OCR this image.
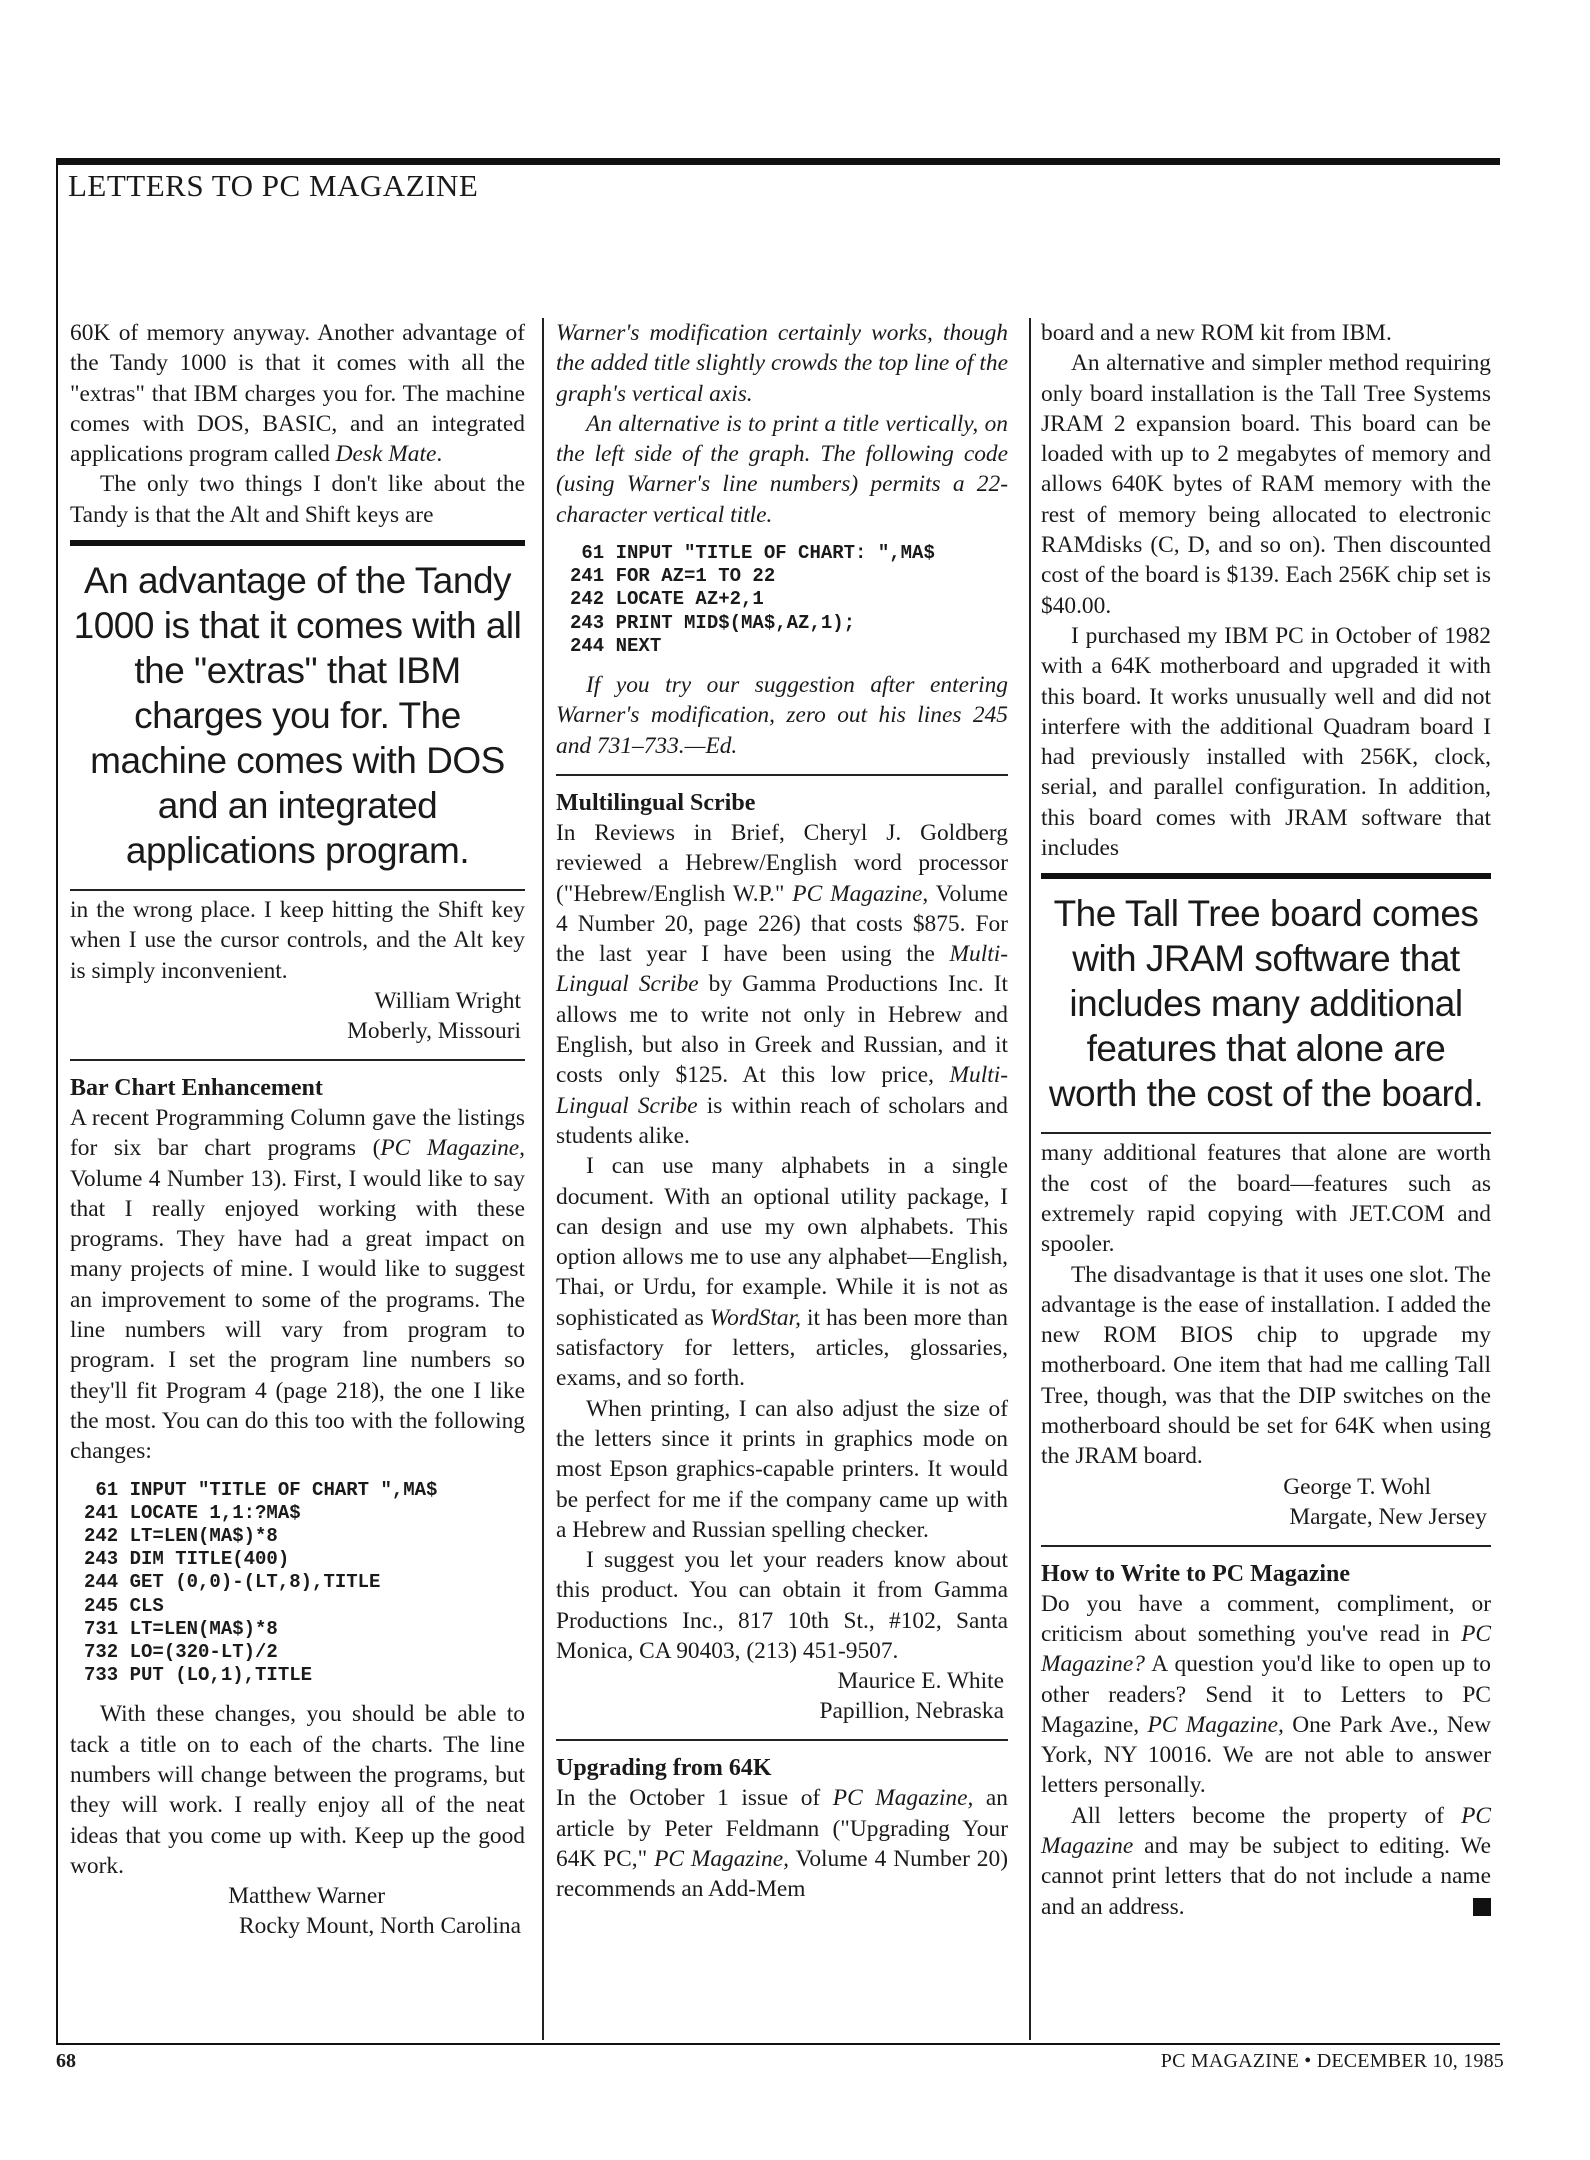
LETTERS TO PC MAGAZINE

60K of memory anyway. Another advantage of the Tandy 1000 is that it comes with all the "extras" that IBM charges you for. The machine comes with DOS, BASIC, and an integrated applications program called Desk Mate.

The only two things I don't like about the Tandy is that the Alt and Shift keys are

An advantage of the Tandy 1000 is that it comes with all the "extras" that IBM charges you for. The machine comes with DOS and an integrated applications program.

in the wrong place. I keep hitting the Shift key when I use the cursor controls, and the Alt key is simply inconvenient.

William Wright

Moberly, Missouri

Bar Chart Enhancement

A recent Programming Column gave the listings for six bar chart programs (PC Magazine, Volume 4 Number 13). First, I would like to say that I really enjoyed working with these programs. They have had a great impact on many projects of mine. I would like to suggest an improvement to some of the programs. The line numbers will vary from program to program. I set the program line numbers so they'll fit Program 4 (page 218), the one I like the most. You can do this too with the following changes:

61 INPUT "TITLE OF CHART ",MA$
241 LOCATE 1,1:?MA$
242 LT=LEN(MA$)*8
243 DIM TITLE(400)
244 GET (0,0)-(LT,8),TITLE
245 CLS
731 LT=LEN(MA$)*8
732 LO=(320-LT)/2
733 PUT (LO,1),TITLE

With these changes, you should be able to tack a title on to each of the charts. The line numbers will change between the programs, but they will work. I really enjoy all of the neat ideas that you come up with. Keep up the good work.

Matthew Warner

Rocky Mount, North Carolina

Warner's modification certainly works, though the added title slightly crowds the top line of the graph's vertical axis.

An alternative is to print a title vertically, on the left side of the graph. The following code (using Warner's line numbers) permits a 22-character vertical title.

61 INPUT "TITLE OF CHART: ",MA$
241 FOR AZ=1 TO 22
242 LOCATE AZ+2,1
243 PRINT MID$(MA$,AZ,1);
244 NEXT

If you try our suggestion after entering Warner's modification, zero out his lines 245 and 731–733.—Ed.

Multilingual Scribe

In Reviews in Brief, Cheryl J. Goldberg reviewed a Hebrew/English word processor ("Hebrew/English W.P." PC Magazine, Volume 4 Number 20, page 226) that costs $875. For the last year I have been using the Multi-Lingual Scribe by Gamma Productions Inc. It allows me to write not only in Hebrew and English, but also in Greek and Russian, and it costs only $125. At this low price, Multi-Lingual Scribe is within reach of scholars and students alike.

I can use many alphabets in a single document. With an optional utility package, I can design and use my own alphabets. This option allows me to use any alphabet—English, Thai, or Urdu, for example. While it is not as sophisticated as WordStar, it has been more than satisfactory for letters, articles, glossaries, exams, and so forth.

When printing, I can also adjust the size of the letters since it prints in graphics mode on most Epson graphics-capable printers. It would be perfect for me if the company came up with a Hebrew and Russian spelling checker.

I suggest you let your readers know about this product. You can obtain it from Gamma Productions Inc., 817 10th St., #102, Santa Monica, CA 90403, (213) 451-9507.

Maurice E. White

Papillion, Nebraska

Upgrading from 64K

In the October 1 issue of PC Magazine, an article by Peter Feldmann ("Upgrading Your 64K PC," PC Magazine, Volume 4 Number 20) recommends an Add-Mem

board and a new ROM kit from IBM.

An alternative and simpler method requiring only board installation is the Tall Tree Systems JRAM 2 expansion board. This board can be loaded with up to 2 megabytes of memory and allows 640K bytes of RAM memory with the rest of memory being allocated to electronic RAMdisks (C, D, and so on). Then discounted cost of the board is $139. Each 256K chip set is $40.00.

I purchased my IBM PC in October of 1982 with a 64K motherboard and upgraded it with this board. It works unusually well and did not interfere with the additional Quadram board I had previously installed with 256K, clock, serial, and parallel configuration. In addition, this board comes with JRAM software that includes

The Tall Tree board comes with JRAM software that includes many additional features that alone are worth the cost of the board.

many additional features that alone are worth the cost of the board—features such as extremely rapid copying with JET.COM and spooler.

The disadvantage is that it uses one slot. The advantage is the ease of installation. I added the new ROM BIOS chip to upgrade my motherboard. One item that had me calling Tall Tree, though, was that the DIP switches on the motherboard should be set for 64K when using the JRAM board.

George T. Wohl

Margate, New Jersey

How to Write to PC Magazine

Do you have a comment, compliment, or criticism about something you've read in PC Magazine? A question you'd like to open up to other readers? Send it to Letters to PC Magazine, PC Magazine, One Park Ave., New York, NY 10016. We are not able to answer letters personally.

All letters become the property of PC Magazine and may be subject to editing. We cannot print letters that do not include a name and an address.

68	PC MAGAZINE • DECEMBER 10, 1985
